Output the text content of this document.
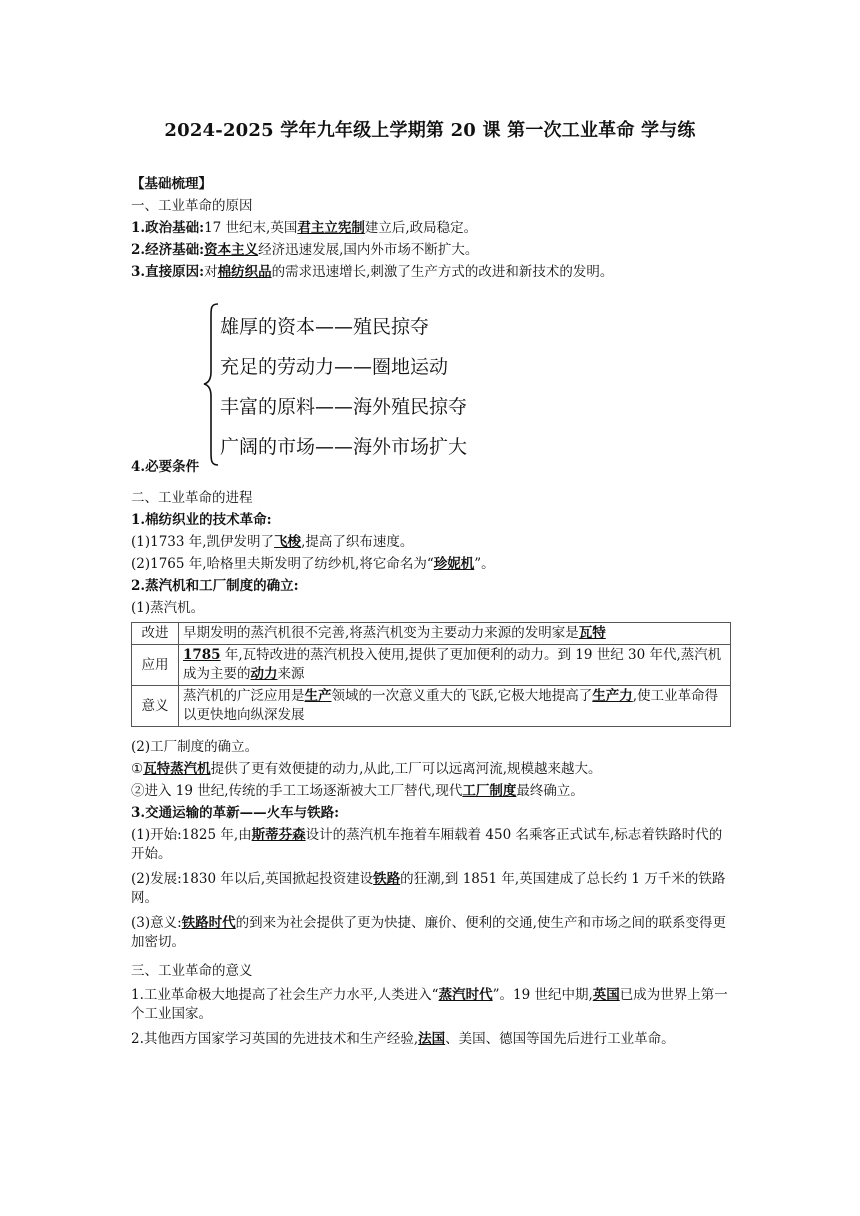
2024-2025 学年九年级上学期第 20 课 第一次工业革命 学与练
【基础梳理】
一、工业革命的原因
1.政治基础:17 世纪末,英国君主立宪制建立后,政局稳定。
2.经济基础:资本主义经济迅速发展,国内外市场不断扩大。
3.直接原因:对棉纺织品的需求迅速增长,刺激了生产方式的改进和新技术的发明。
雄厚的资本——殖民掠夺
充足的劳动力——圈地运动
丰富的原料——海外殖民掠夺
广阔的市场——海外市场扩大
4.必要条件
二、工业革命的进程
1.棉纺织业的技术革命:
(1)1733 年,凯伊发明了飞梭,提高了织布速度。
(2)1765 年,哈格里夫斯发明了纺纱机,将它命名为“珍妮机”。
2.蒸汽机和工厂制度的确立:
(1)蒸汽机。
改进	早期发明的蒸汽机很不完善,将蒸汽机变为主要动力来源的发明家是瓦特
应用	1785 年,瓦特改进的蒸汽机投入使用,提供了更加便利的动力。到 19 世纪 30 年代,蒸汽机成为主要的动力来源
意义	蒸汽机的广泛应用是生产领域的一次意义重大的飞跃,它极大地提高了生产力,使工业革命得以更快地向纵深发展
(2)工厂制度的确立。
①瓦特蒸汽机提供了更有效便捷的动力,从此,工厂可以远离河流,规模越来越大。
②进入 19 世纪,传统的手工工场逐渐被大工厂替代,现代工厂制度最终确立。
3.交通运输的革新——火车与铁路:
(1)开始:1825 年,由斯蒂芬森设计的蒸汽机车拖着车厢载着 450 名乘客正式试车,标志着铁路时代的开始。
(2)发展:1830 年以后,英国掀起投资建设铁路的狂潮,到 1851 年,英国建成了总长约 1 万千米的铁路网。
(3)意义:铁路时代的到来为社会提供了更为快捷、廉价、便利的交通,使生产和市场之间的联系变得更加密切。
三、工业革命的意义
1.工业革命极大地提高了社会生产力水平,人类进入“蒸汽时代”。19 世纪中期,英国已成为世界上第一个工业国家。
2.其他西方国家学习英国的先进技术和生产经验,法国、美国、德国等国先后进行工业革命。
